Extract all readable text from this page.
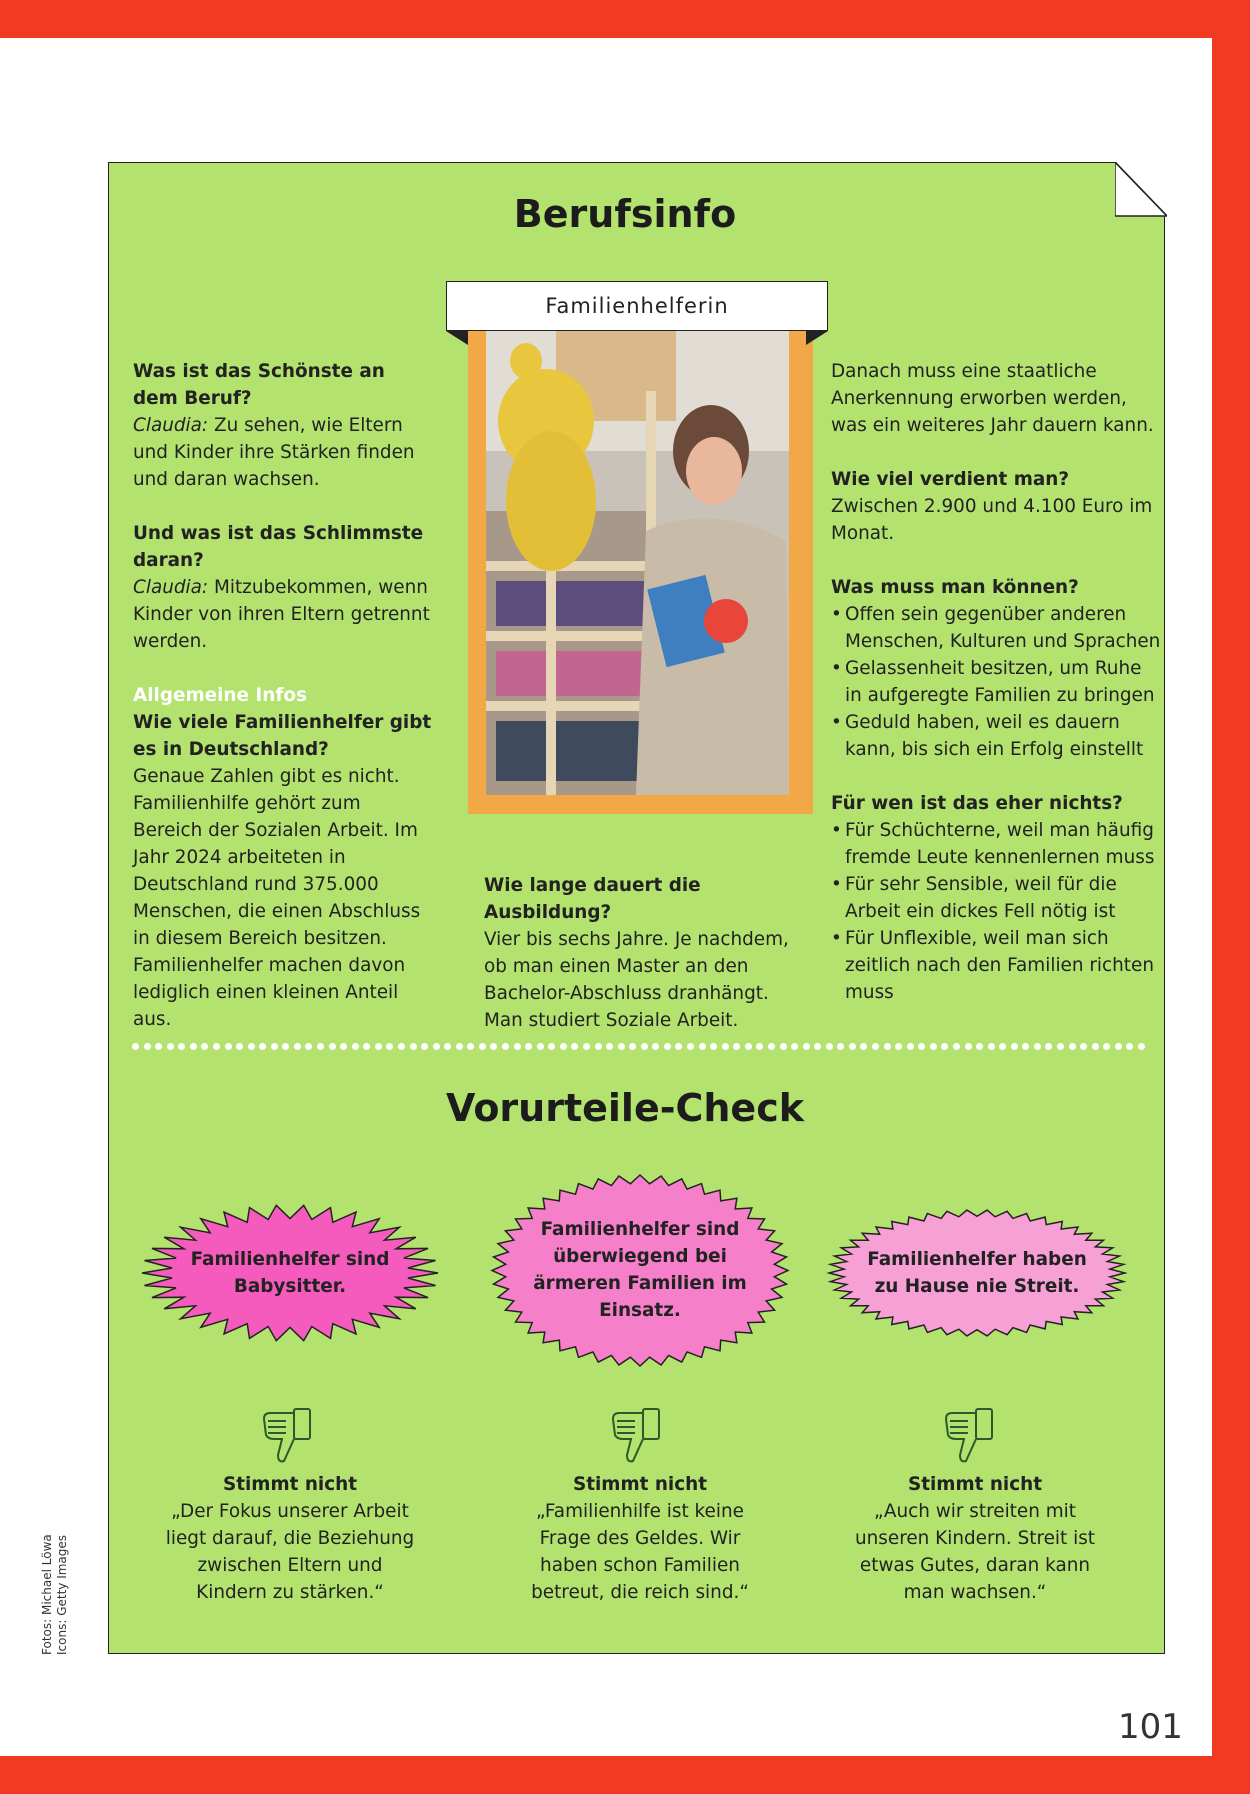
Berufsinfo
Familienhelferin

Was ist das Schönste an dem Beruf?

Claudia: Zu sehen, wie Eltern und Kinder ihre Stärken finden und daran wachsen.

Und was ist das Schlimmste daran?

Claudia: Mitzubekommen, wenn Kinder von ihren Eltern getrennt werden.

Allgemeine Infos

Wie viele Familienhelfer gibt es in Deutschland?

Genaue Zahlen gibt es nicht. Familienhilfe gehört zum Bereich der Sozialen Arbeit. Im Jahr 2024 arbeiteten in Deutschland rund 375.000 Menschen, die einen Abschluss in diesem Bereich besitzen. Familienhelfer machen davon lediglich einen kleinen Anteil aus.

Wie lange dauert die Ausbildung?

Vier bis sechs Jahre. Je nachdem, ob man einen Master an den Bachelor-Abschluss dranhängt. Man studiert Soziale Arbeit.

Danach muss eine staatliche Anerkennung erworben werden, was ein weiteres Jahr dauern kann.

Wie viel verdient man?

Zwischen 2.900 und 4.100 Euro im Monat.

Was muss man können?

• Offen sein gegenüber anderen Menschen, Kulturen und Sprachen
• Gelassenheit besitzen, um Ruhe in aufgeregte Familien zu bringen
• Geduld haben, weil es dauern kann, bis sich ein Erfolg einstellt

Für wen ist das eher nichts?

• Für Schüchterne, weil man häufig fremde Leute kennenlernen muss
• Für sehr Sensible, weil für die Arbeit ein dickes Fell nötig ist
• Für Unflexible, weil man sich zeitlich nach den Familien richten muss
Vorurteile-Check
Familienhelfer sind Babysitter.
Familienhelfer sind überwiegend bei ärmeren Familien im Einsatz.
Familienhelfer haben zu Hause nie Streit.

Stimmt nicht

„Der Fokus unserer Arbeit liegt darauf, die Beziehung zwischen Eltern und Kindern zu stärken.“

Stimmt nicht

„Familienhilfe ist keine Frage des Geldes. Wir haben schon Familien betreut, die reich sind.“

Stimmt nicht

„Auch wir streiten mit unseren Kindern. Streit ist etwas Gutes, daran kann man wachsen.“

Fotos: Michael Löwa Icons: Getty Images
101
